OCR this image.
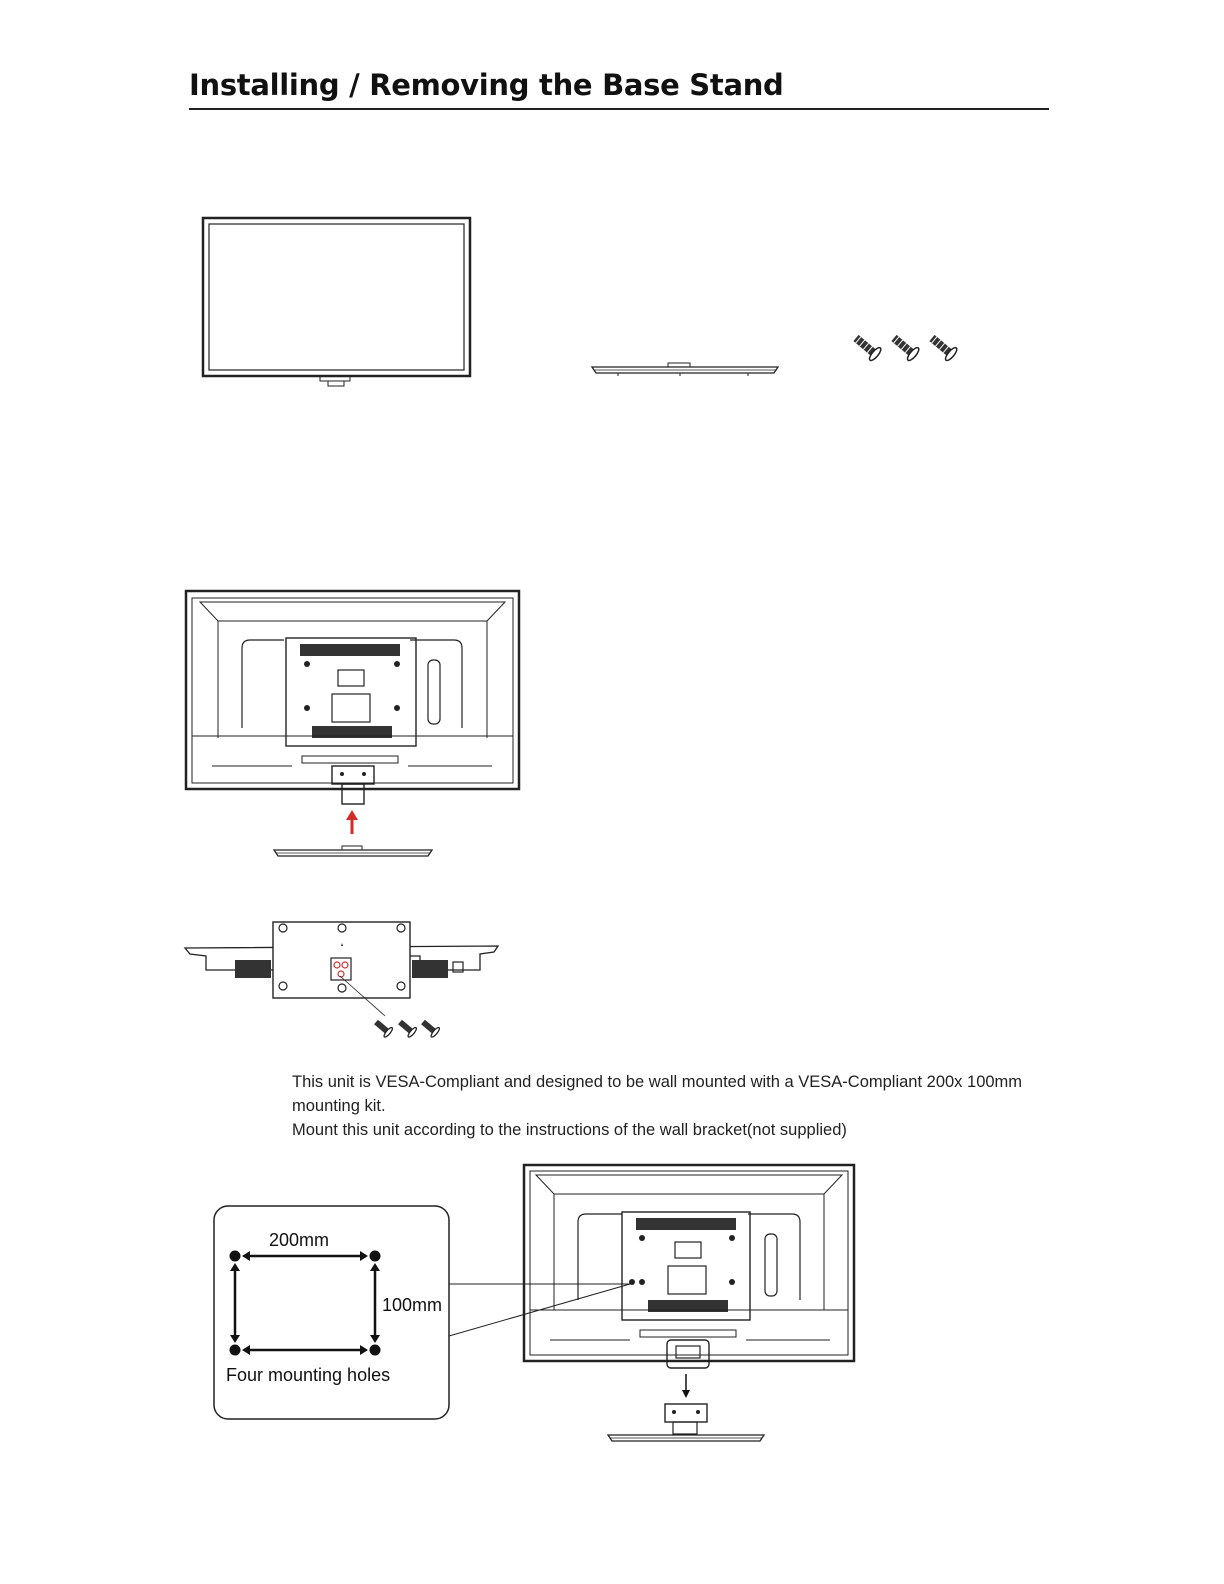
Installing / Removing the Base Stand

This unit is VESA-Compliant and designed to be wall mounted with a VESA-Compliant 200x 100mm
mounting kit.
Mount this unit according to the instructions of the wall bracket(not supplied)

200mm
100mm
Four mounting holes
